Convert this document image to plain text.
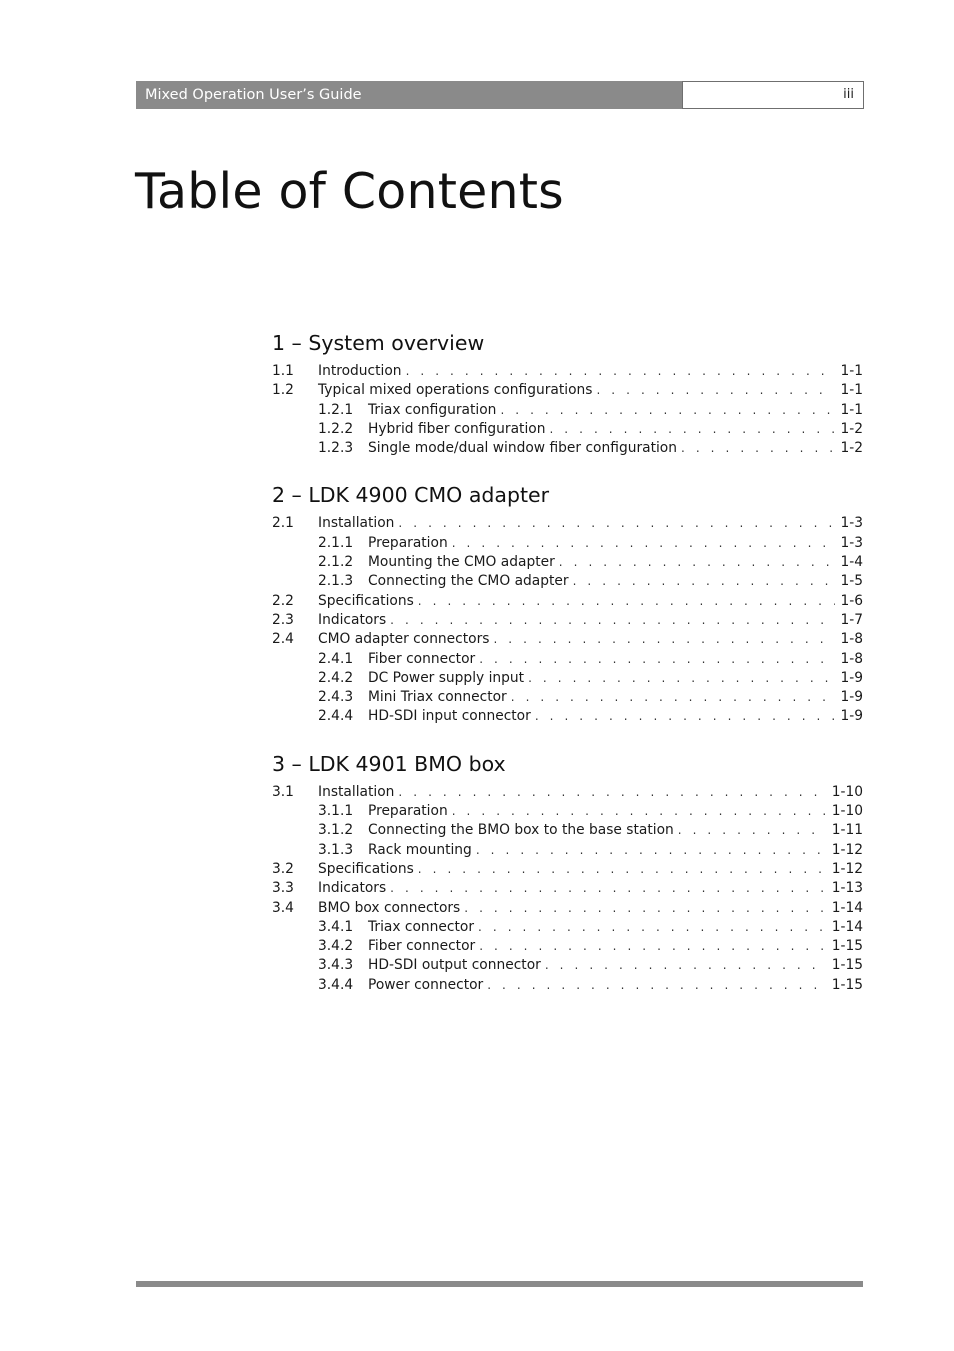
Mixed Operation User’s Guide	iii
Table of Contents
1 – System overview
1.1	Introduction . . .	1-1
1.2	Typical mixed operations configurations . . .	1-1
1.2.1	Triax configuration . . .	1-1
1.2.2	Hybrid fiber configuration . . .	1-2
1.2.3	Single mode/dual window fiber configuration . . .	1-2
2 – LDK 4900 CMO adapter
2.1	Installation . . .	1-3
2.1.1	Preparation . . .	1-3
2.1.2	Mounting the CMO adapter . . .	1-4
2.1.3	Connecting the CMO adapter . . .	1-5
2.2	Specifications . . .	1-6
2.3	Indicators . . .	1-7
2.4	CMO adapter connectors . . .	1-8
2.4.1	Fiber connector . . .	1-8
2.4.2	DC Power supply input . . .	1-9
2.4.3	Mini Triax connector . . .	1-9
2.4.4	HD-SDI input connector . . .	1-9
3 – LDK 4901 BMO box
3.1	Installation . . .	1-10
3.1.1	Preparation . . .	1-10
3.1.2	Connecting the BMO box to the base station . . .	1-11
3.1.3	Rack mounting . . .	1-12
3.2	Specifications . . .	1-12
3.3	Indicators . . .	1-13
3.4	BMO box connectors . . .	1-14
3.4.1	Triax connector . . .	1-14
3.4.2	Fiber connector . . .	1-15
3.4.3	HD-SDI output connector . . .	1-15
3.4.4	Power connector . . .	1-15
